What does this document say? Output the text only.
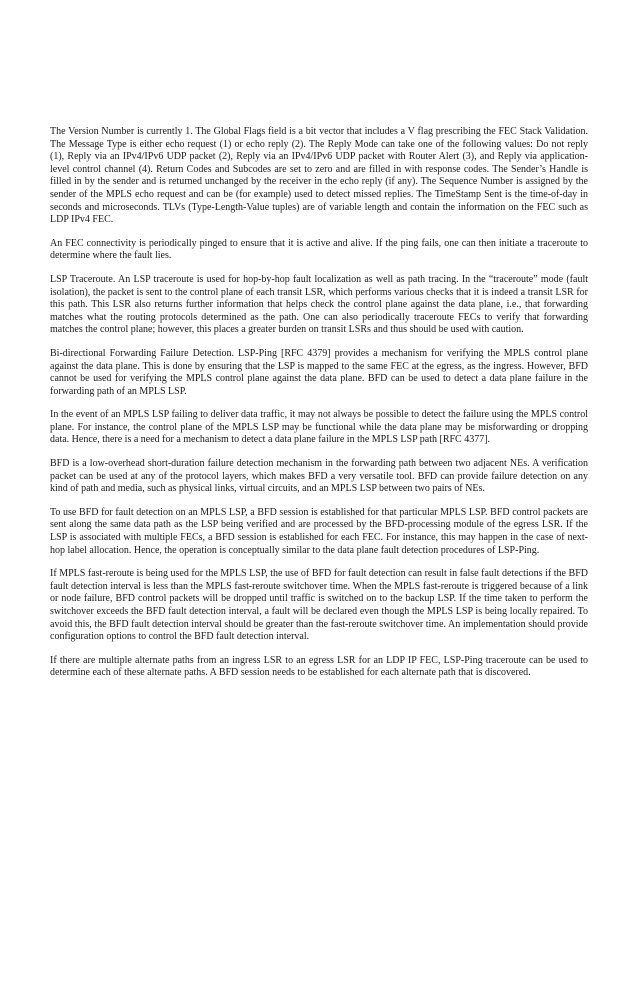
The Version Number is currently 1. The Global Flags field is a bit vector that includes a V flag prescribing the FEC Stack Validation. The Message Type is either echo request (1) or echo reply (2). The Reply Mode can take one of the following values: Do not reply (1), Reply via an IPv4/IPv6 UDP packet (2), Reply via an IPv4/IPv6 UDP packet with Router Alert (3), and Reply via application-level control channel (4). Return Codes and Subcodes are set to zero and are filled in with response codes. The Sender’s Handle is filled in by the sender and is returned unchanged by the receiver in the echo reply (if any). The Sequence Number is assigned by the sender of the MPLS echo request and can be (for example) used to detect missed replies. The TimeStamp Sent is the time-of-day in seconds and microseconds. TLVs (Type-Length-Value tuples) are of variable length and contain the information on the FEC such as LDP IPv4 FEC.

An FEC connectivity is periodically pinged to ensure that it is active and alive. If the ping fails, one can then initiate a traceroute to determine where the fault lies.

LSP Traceroute. An LSP traceroute is used for hop-by-hop fault localization as well as path tracing. In the “traceroute” mode (fault isolation), the packet is sent to the control plane of each transit LSR, which performs various checks that it is indeed a transit LSR for this path. This LSR also returns further information that helps check the control plane against the data plane, i.e., that forwarding matches what the routing protocols determined as the path. One can also periodically traceroute FECs to verify that forwarding matches the control plane; however, this places a greater burden on transit LSRs and thus should be used with caution.

Bi-directional Forwarding Failure Detection. LSP-Ping [RFC 4379] provides a mechanism for verifying the MPLS control plane against the data plane. This is done by ensuring that the LSP is mapped to the same FEC at the egress, as the ingress. However, BFD cannot be used for verifying the MPLS control plane against the data plane. BFD can be used to detect a data plane failure in the forwarding path of an MPLS LSP.

In the event of an MPLS LSP failing to deliver data traffic, it may not always be possible to detect the failure using the MPLS control plane. For instance, the control plane of the MPLS LSP may be functional while the data plane may be misforwarding or dropping data. Hence, there is a need for a mechanism to detect a data plane failure in the MPLS LSP path [RFC 4377].

BFD is a low-overhead short-duration failure detection mechanism in the forwarding path between two adjacent NEs. A verification packet can be used at any of the protocol layers, which makes BFD a very versatile tool. BFD can provide failure detection on any kind of path and media, such as physical links, virtual circuits, and an MPLS LSP between two pairs of NEs.

To use BFD for fault detection on an MPLS LSP, a BFD session is established for that particular MPLS LSP. BFD control packets are sent along the same data path as the LSP being verified and are processed by the BFD-processing module of the egress LSR. If the LSP is associated with multiple FECs, a BFD session is established for each FEC. For instance, this may happen in the case of next-hop label allocation. Hence, the operation is conceptually similar to the data plane fault detection procedures of LSP-Ping.

If MPLS fast-reroute is being used for the MPLS LSP, the use of BFD for fault detection can result in false fault detections if the BFD fault detection interval is less than the MPLS fast-reroute switchover time. When the MPLS fast-reroute is triggered because of a link or node failure, BFD control packets will be dropped until traffic is switched on to the backup LSP. If the time taken to perform the switchover exceeds the BFD fault detection interval, a fault will be declared even though the MPLS LSP is being locally repaired. To avoid this, the BFD fault detection interval should be greater than the fast-reroute switchover time. An implementation should provide configuration options to control the BFD fault detection interval.

If there are multiple alternate paths from an ingress LSR to an egress LSR for an LDP IP FEC, LSP-Ping traceroute can be used to determine each of these alternate paths. A BFD session needs to be established for each alternate path that is discovered.
